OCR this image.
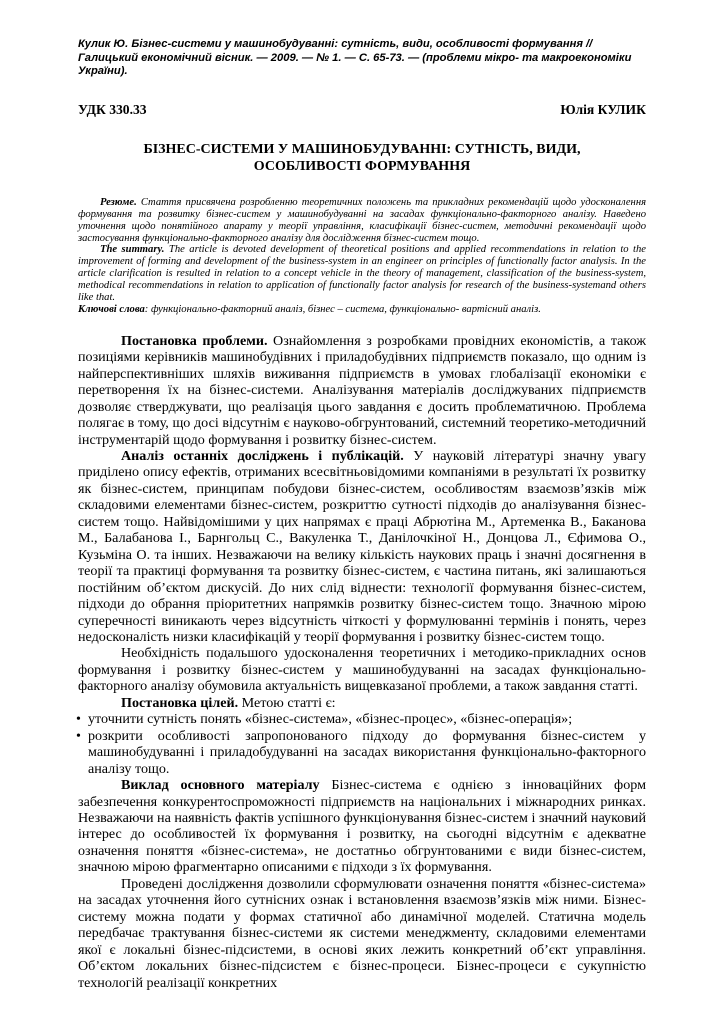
Кулик Ю. Бізнес-системи у машинобудуванні: сутність, види, особливості формування // Галицький економічний вісник. — 2009. — № 1. — С. 65-73. — (проблеми мікро- та макроекономіки України).

УДК 330.33	Юлія КУЛИК
БІЗНЕС-СИСТЕМИ У МАШИНОБУДУВАННІ: СУТНІСТЬ, ВИДИ,
ОСОБЛИВОСТІ ФОРМУВАННЯ

Резюме. Стаття присвячена розробленню теоретичних положень та прикладних рекомендацій щодо удосконалення формування та розвитку бізнес-систем у машинобудуванні на засадах функціонально-факторного аналізу. Наведено уточнення щодо понятійного апарату у теорії управління, класифікації бізнес-систем, методичні рекомендації щодо застосування функціонально-факторного аналізу для дослідження бізнес-систем тощо.

The summary. The article is devoted development of theoretical positions and applied recommendations in relation to the improvement of forming and development of the business-system in an engineer on principles of functionally factor analysis. In the article clarification is resulted in relation to a concept vehicle in the theory of management, classification of the business-system, methodical recommendations in relation to application of functionally factor analysis for research of the business-systemand others like that.

Ключові слова: функціонально-факторний аналіз, бізнес – система, функціонально- вартісний аналіз.

Постановка проблеми. Ознайомлення з розробками провідних економістів, а також позиціями керівників машинобудівних і приладобудівних підприємств показало, що одним із найперспективніших шляхів виживання підприємств в умовах глобалізації економіки є перетворення їх на бізнес-системи. Аналізування матеріалів досліджуваних підприємств дозволяє стверджувати, що реалізація цього завдання є досить проблематичною. Проблема полягає в тому, що досі відсутнім є науково-обгрунтований, системний теоретико-методичний інструментарій щодо формування і розвитку бізнес-систем.

Аналіз останніх досліджень і публікацій. У науковій літературі значну увагу приділено опису ефектів, отриманих всесвітньовідомими компаніями в результаті їх розвитку як бізнес-систем, принципам побудови бізнес-систем, особливостям взаємозв’язків між складовими елементами бізнес-систем, розкриттю сутності підходів до аналізування бізнес-систем тощо. Найвідомішими у цих напрямах є праці Абрютіна М., Артеменка В., Баканова М., Балабанова І., Барнгольц С., Вакуленка Т., Данілочкіної Н., Донцова Л., Єфимова О., Кузьміна О. та інших. Незважаючи на велику кількість наукових праць і значні досягнення в теорії та практиці формування та розвитку бізнес-систем, є частина питань, які залишаються постійним об’єктом дискусій. До них слід віднести: технології формування бізнес-систем, підходи до обрання пріоритетних напрямків розвитку бізнес-систем тощо. Значною мірою суперечності виникають через відсутність чіткості у формулюванні термінів і понять, через недосконалість низки класифікацій у теорії формування і розвитку бізнес-систем тощо.

Необхідність подальшого удосконалення теоретичних і методико-прикладних основ формування і розвитку бізнес-систем у машинобудуванні на засадах функціонально-факторного аналізу обумовила актуальність вищевказаної проблеми, а також завдання статті.

Постановка цілей. Метою статті є:

• уточнити сутність понять «бізнес-система», «бізнес-процес», «бізнес-операція»;
• розкрити особливості запропонованого підходу до формування бізнес-систем у машинобудуванні і приладобудуванні на засадах використання функціонально-факторного аналізу тощо.

Виклад основного матеріалу Бізнес-система є однією з інноваційних форм забезпечення конкурентоспроможності підприємств на національних і міжнародних ринках. Незважаючи на наявність фактів успішного функціонування бізнес-систем і значний науковий інтерес до особливостей їх формування і розвитку, на сьогодні відсутнім є адекватне означення поняття «бізнес-система», не достатньо обгрунтованими є види бізнес-систем, значною мірою фрагментарно описаними є підходи з їх формування.

Проведені дослідження дозволили сформулювати означення поняття «бізнес-система» на засадах уточнення його сутнісних ознак і встановлення взаємозв’язків між ними. Бізнес-систему можна подати у формах статичної або динамічної моделей. Статична модель передбачає трактування бізнес-системи як системи менеджменту, складовими елементами якої є локальні бізнес-підсистеми, в основі яких лежить конкретний об’єкт управління. Об’єктом локальних бізнес-підсистем є бізнес-процеси. Бізнес-процеси є сукупністю технологій реалізації конкретних
